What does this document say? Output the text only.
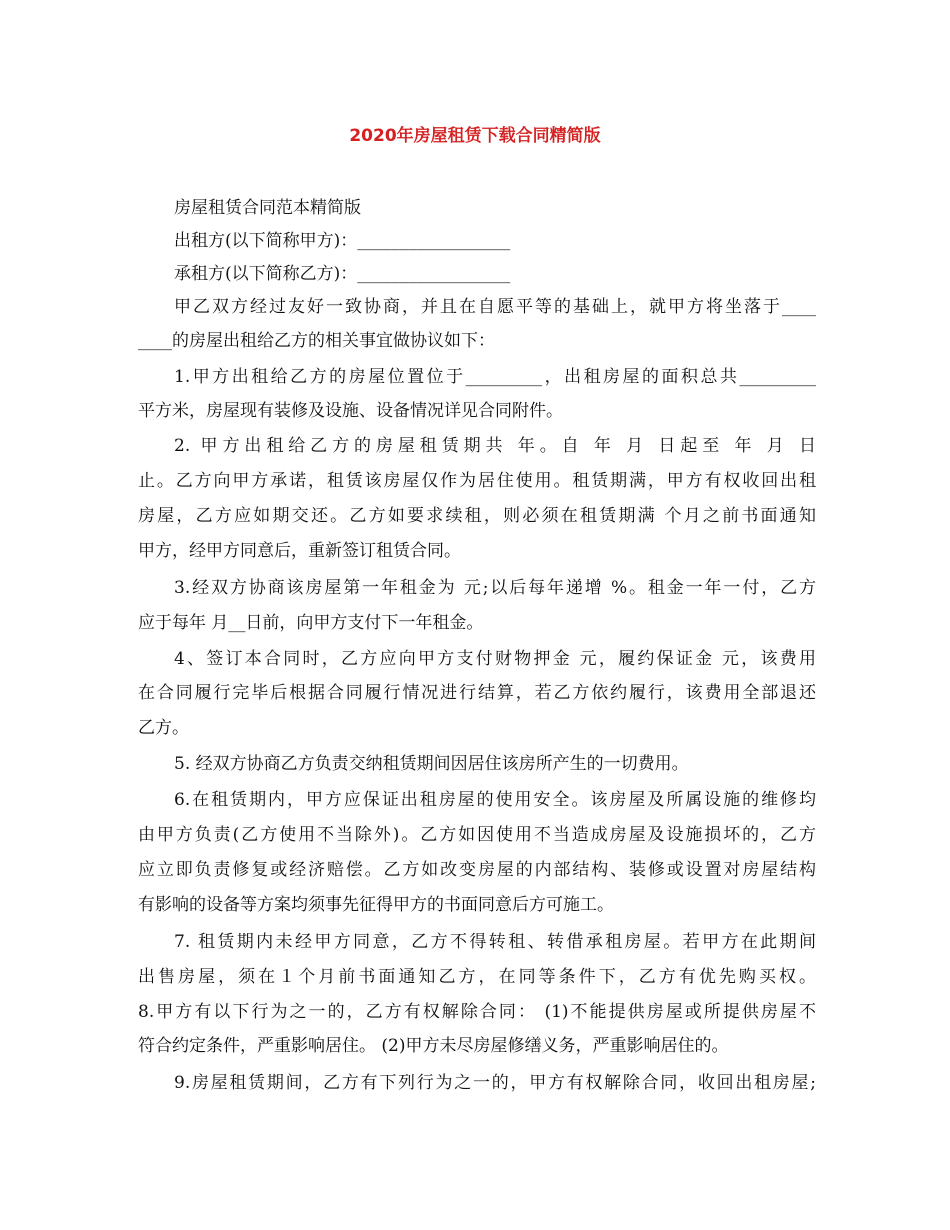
2020年房屋租赁下载合同精简版
房屋租赁合同范本精简版
出租方(以下简称甲方)：__________________
承租方(以下简称乙方)：__________________
甲乙双方经过友好一致协商，并且在自愿平等的基础上，就甲方将坐落于____
____的房屋出租给乙方的相关事宜做协议如下：
1.甲方出租给乙方的房屋位置位于_________，出租房屋的面积总共_________
平方米，房屋现有装修及设施、设备情况详见合同附件。
2. 甲方出租给乙方的房屋租赁期共 年。自 年 月 日起至 年 月 日
止。乙方向甲方承诺，租赁该房屋仅作为居住使用。租赁期满，甲方有权收回出租
房屋，乙方应如期交还。乙方如要求续租，则必须在租赁期满 个月之前书面通知
甲方，经甲方同意后，重新签订租赁合同。
3.经双方协商该房屋第一年租金为 元;以后每年递增 %。租金一年一付，乙方
应于每年 月__日前，向甲方支付下一年租金。
4、签订本合同时，乙方应向甲方支付财物押金 元，履约保证金 元，该费用
在合同履行完毕后根据合同履行情况进行结算，若乙方依约履行，该费用全部退还
乙方。
5. 经双方协商乙方负责交纳租赁期间因居住该房所产生的一切费用。
6.在租赁期内，甲方应保证出租房屋的使用安全。该房屋及所属设施的维修均
由甲方负责(乙方使用不当除外)。乙方如因使用不当造成房屋及设施损坏的，乙方
应立即负责修复或经济赔偿。乙方如改变房屋的内部结构、装修或设置对房屋结构
有影响的设备等方案均须事先征得甲方的书面同意后方可施工。
7. 租赁期内未经甲方同意，乙方不得转租、转借承租房屋。若甲方在此期间
出售房屋，须在１个月前书面通知乙方，在同等条件下，乙方有优先购买权。
8.甲方有以下行为之一的，乙方有权解除合同： (1)不能提供房屋或所提供房屋不
符合约定条件，严重影响居住。 (2)甲方未尽房屋修缮义务，严重影响居住的。
9.房屋租赁期间，乙方有下列行为之一的，甲方有权解除合同，收回出租房屋;
